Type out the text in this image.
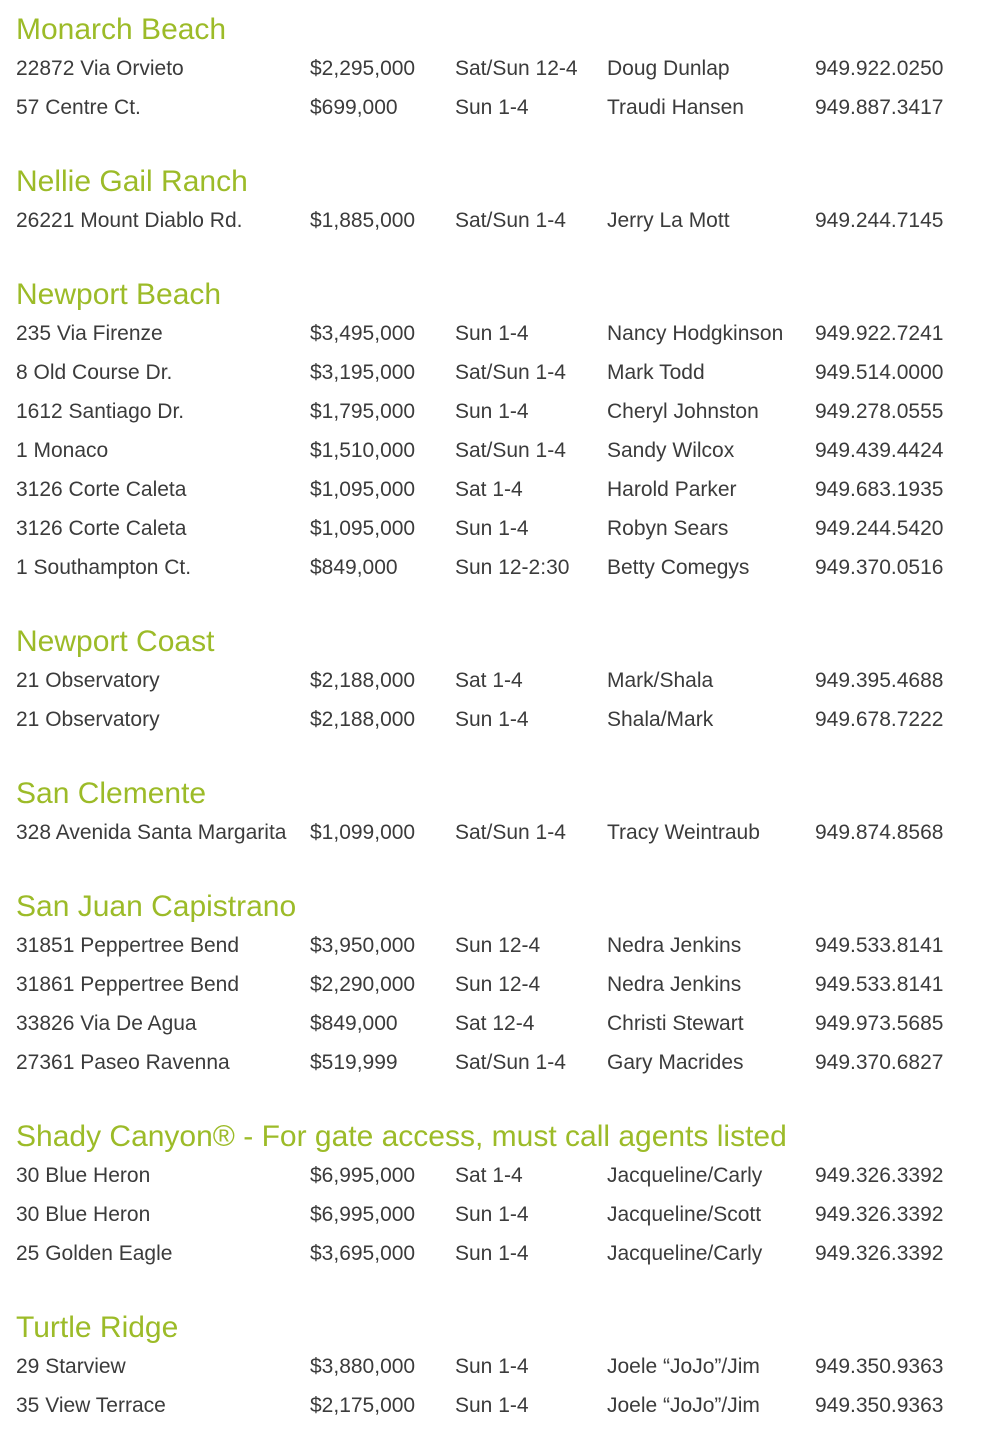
Monarch Beach
22872 Via Orvieto	$2,295,000	Sat/Sun 12-4	Doug Dunlap	949.922.0250
57 Centre Ct.	$699,000	Sun 1-4	Traudi Hansen	949.887.3417
Nellie Gail Ranch
26221 Mount Diablo Rd.	$1,885,000	Sat/Sun 1-4	Jerry La Mott	949.244.7145
Newport Beach
235 Via Firenze	$3,495,000	Sun 1-4	Nancy Hodgkinson	949.922.7241
8 Old Course Dr.	$3,195,000	Sat/Sun 1-4	Mark Todd	949.514.0000
1612 Santiago Dr.	$1,795,000	Sun 1-4	Cheryl Johnston	949.278.0555
1 Monaco	$1,510,000	Sat/Sun 1-4	Sandy Wilcox	949.439.4424
3126 Corte Caleta	$1,095,000	Sat 1-4	Harold Parker	949.683.1935
3126 Corte Caleta	$1,095,000	Sun 1-4	Robyn Sears	949.244.5420
1 Southampton Ct.	$849,000	Sun 12-2:30	Betty Comegys	949.370.0516
Newport Coast
21 Observatory	$2,188,000	Sat 1-4	Mark/Shala	949.395.4688
21 Observatory	$2,188,000	Sun 1-4	Shala/Mark	949.678.7222
San Clemente
328 Avenida Santa Margarita	$1,099,000	Sat/Sun 1-4	Tracy Weintraub	949.874.8568
San Juan Capistrano
31851 Peppertree Bend	$3,950,000	Sun 12-4	Nedra Jenkins	949.533.8141
31861 Peppertree Bend	$2,290,000	Sun 12-4	Nedra Jenkins	949.533.8141
33826 Via De Agua	$849,000	Sat 12-4	Christi Stewart	949.973.5685
27361 Paseo Ravenna	$519,999	Sat/Sun 1-4	Gary Macrides	949.370.6827
Shady Canyon® - For gate access, must call agents listed
30 Blue Heron	$6,995,000	Sat 1-4	Jacqueline/Carly	949.326.3392
30 Blue Heron	$6,995,000	Sun 1-4	Jacqueline/Scott	949.326.3392
25 Golden Eagle	$3,695,000	Sun 1-4	Jacqueline/Carly	949.326.3392
Turtle Ridge
29 Starview	$3,880,000	Sun 1-4	Joele “JoJo”/Jim	949.350.9363
35 View Terrace	$2,175,000	Sun 1-4	Joele “JoJo”/Jim	949.350.9363
